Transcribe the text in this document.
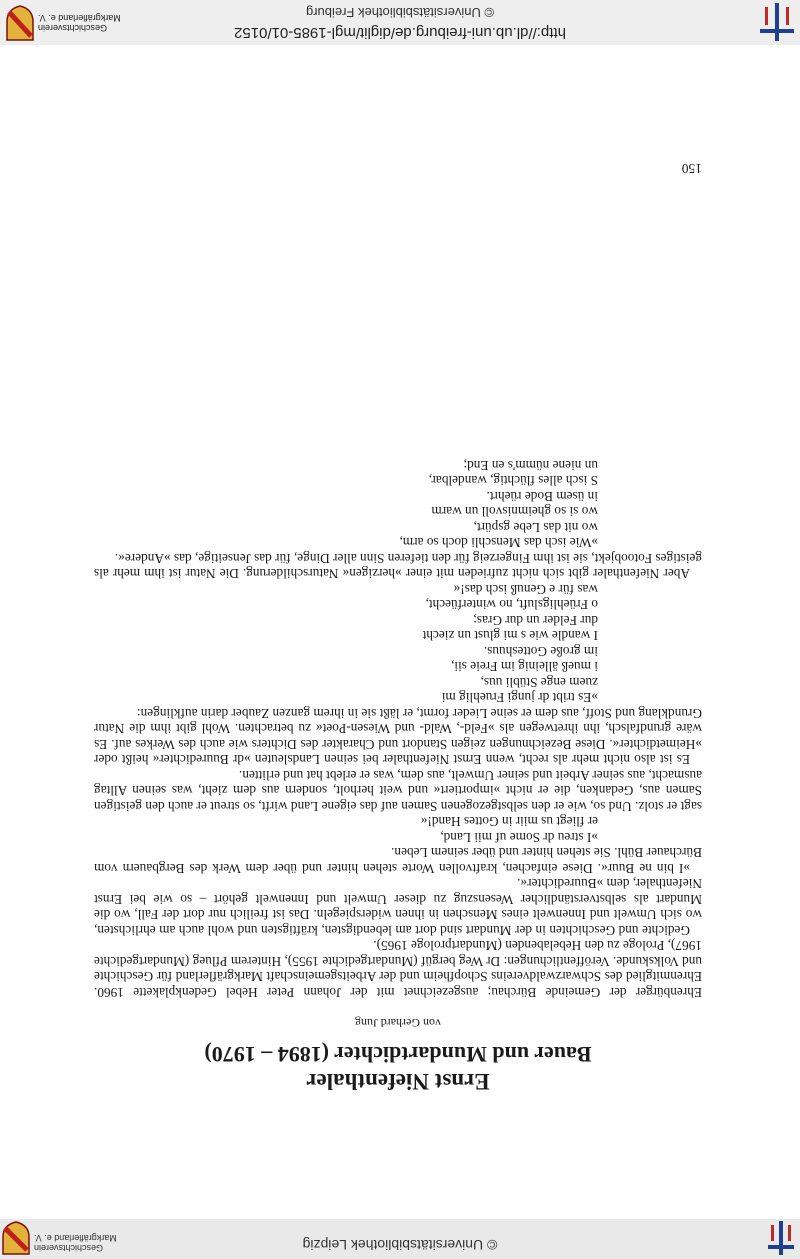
© Universitätsbibliothek Leipzig
Geschichtsverein
Markgräflerland e. V.
Ernst Niefenthaler
Bauer und Mundartdichter (1894 – 1970)
von Gerhard Jung

Ehrenbürger der Gemeinde Bürchau; ausgezeichnet mit der Johann Peter Hebel Gedenkplakette 1960. Ehrenmitglied des Schwarzwaldvereins Schopfheim und der Arbeitsgemeinschaft Markgräflerland für Geschichte und Volkskunde. Veröffentlichungen: Dr Weg bergüf (Mundartgedichte 1955), Hinterem Pflueg (Mundartgedichte 1967), Prologe zu den Hebelabenden (Mundartprologe 1965).

Gedichte und Geschichten in der Mundart sind dort am lebendigsten, kräftigsten und wohl auch am ehrlichsten, wo sich Umwelt und Innenwelt eines Menschen in ihnen widerspiegeln. Das ist freilich nur dort der Fall, wo die Mundart als selbstverständlicher Wesenszug zu dieser Umwelt und Innenwelt gehört – so wie bei Ernst Niefenthaler, dem »Buuredichter«.

»I bin ne Buur«. Diese einfachen, kraftvollen Worte stehen hinter und über dem Werk des Bergbauern vom Bürchauer Bühl. Sie stehen hinter und über seinem Leben.

»I streu dr Some uf mii Land,
er fliegt us miir in Gottes Hand!«

sagt er stolz. Und so, wie er den selbstgezogenen Samen auf das eigene Land wirft, so streut er auch den geistigen Samen aus, Gedanken, die er nicht »importiert« und weit herholt, sondern aus dem zieht, was seinen Alltag ausmacht, aus seiner Arbeit und seiner Umwelt, aus dem, was er erlebt hat und erlitten.

Es ist also nicht mehr als recht, wenn Ernst Niefenthaler bei seinen Landsleuten »dr Buuredichter« heißt oder »Heimetdichter«. Diese Bezeichnungen zeigen Standort und Charakter des Dichters wie auch des Werkes auf. Es wäre grundfalsch, ihn ihretwegen als »Feld-, Wald- und Wiesen-Poet« zu betrachten. Wohl gibt ihm die Natur Grundklang und Stoff, aus dem er seine Lieder formt, er läßt sie in ihrem ganzen Zauber darin aufklingen:

»Es tribt dr jungi Fruehlig mi
zuem enge Stübli uus,
i mueß älleinig im Freie sii,
im große Gotteshuus.
I wandle wie s mi glust un ziecht
dur Felder un dur Gras;
o Früehligsluft, no winterfüecht,
was für e Genuß isch das!«

Aber Niefenthaler gibt sich nicht zufrieden mit einer »herzigen« Naturschilderung. Die Natur ist ihm mehr als geistiges Fotoobjekt, sie ist ihm Fingerzeig für den tieferen Sinn aller Dinge, für das Jenseitige, das »Andere«.

»Wie isch das Menschli doch so arm,
wo nit das Lebe gspürt,
wo si so gheimnisvoll un warm
in üsem Bode rüehrt.
S isch alles flüchtig, wandelbar,
un niene nümm's en End;
150
http://dl.ub.uni-freiburg.de/diglit/mgl-1985-01/0152
© Universitätsbibliothek Freiburg
Geschichtsverein
Markgräflerland e. V.
